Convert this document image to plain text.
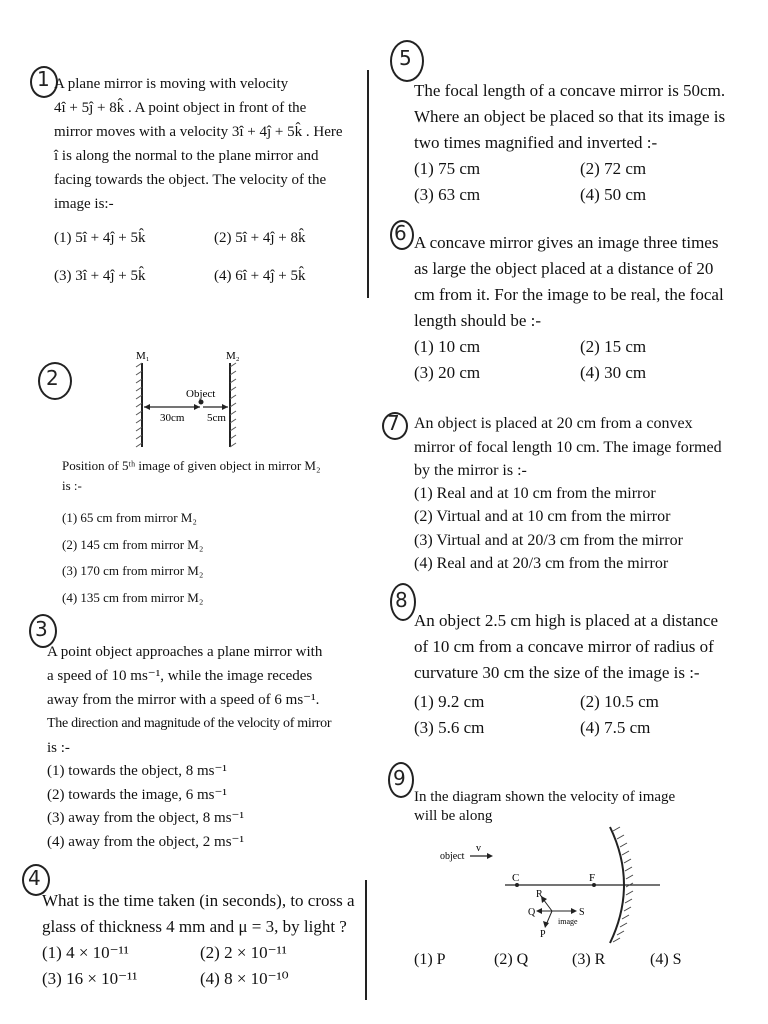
1 A plane mirror is moving with velocity
4î + 5ĵ + 8k̂ . A point object in front of the
mirror moves with a velocity 3î + 4ĵ + 5k̂ . Here
î is along the normal to the plane mirror and
facing towards the object. The velocity of the
image is:-
(1) 5î + 4ĵ + 5k̂	(2) 5î + 4ĵ + 8k̂
(3) 3î + 4ĵ + 5k̂	(4) 6î + 4ĵ + 5k̂
2
M₁	M₂
Object
30cm 5cm
Position of 5ᵗʰ image of given object in mirror M₂
is :-
(1) 65 cm from mirror M₂
(2) 145 cm from mirror M₂
(3) 170 cm from mirror M₂
(4) 135 cm from mirror M₂
3
A point object approaches a plane mirror with
a speed of 10 ms⁻¹, while the image recedes
away from the mirror with a speed of 6 ms⁻¹.
The direction and magnitude of the velocity of mirror
is :-
(1) towards the object, 8 ms⁻¹
(2) towards the image, 6 ms⁻¹
(3) away from the object, 8 ms⁻¹
(4) away from the object, 2 ms⁻¹
4
What is the time taken (in seconds), to cross a
glass of thickness 4 mm and μ = 3, by light ?
(1) 4 × 10⁻¹¹	(2) 2 × 10⁻¹¹
(3) 16 × 10⁻¹¹	(4) 8 × 10⁻¹⁰
5
The focal length of a concave mirror is 50cm.
Where an object be placed so that its image is
two times magnified and inverted :-
(1) 75 cm	(2) 72 cm
(3) 63 cm	(4) 50 cm
6 A concave mirror gives an image three times
as large the object placed at a distance of 20
cm from it. For the image to be real, the focal
length should be :-
(1) 10 cm	(2) 15 cm
(3) 20 cm	(4) 30 cm
7 An object is placed at 20 cm from a convex
mirror of focal length 10 cm. The image formed
by the mirror is :-
(1) Real and at 10 cm from the mirror
(2) Virtual and at 10 cm from the mirror
(3) Virtual and at 20/3 cm from the mirror
(4) Real and at 20/3 cm from the mirror
8
An object 2.5 cm high is placed at a distance
of 10 cm from a concave mirror of radius of
curvature 30 cm the size of the image is :-
(1) 9.2 cm	(2) 10.5 cm
(3) 5.6 cm	(4) 7.5 cm
9
In the diagram shown the velocity of image
will be along
object
v
C	F
R
Q	S
P
image
(1) P	(2) Q	(3) R	(4) S
